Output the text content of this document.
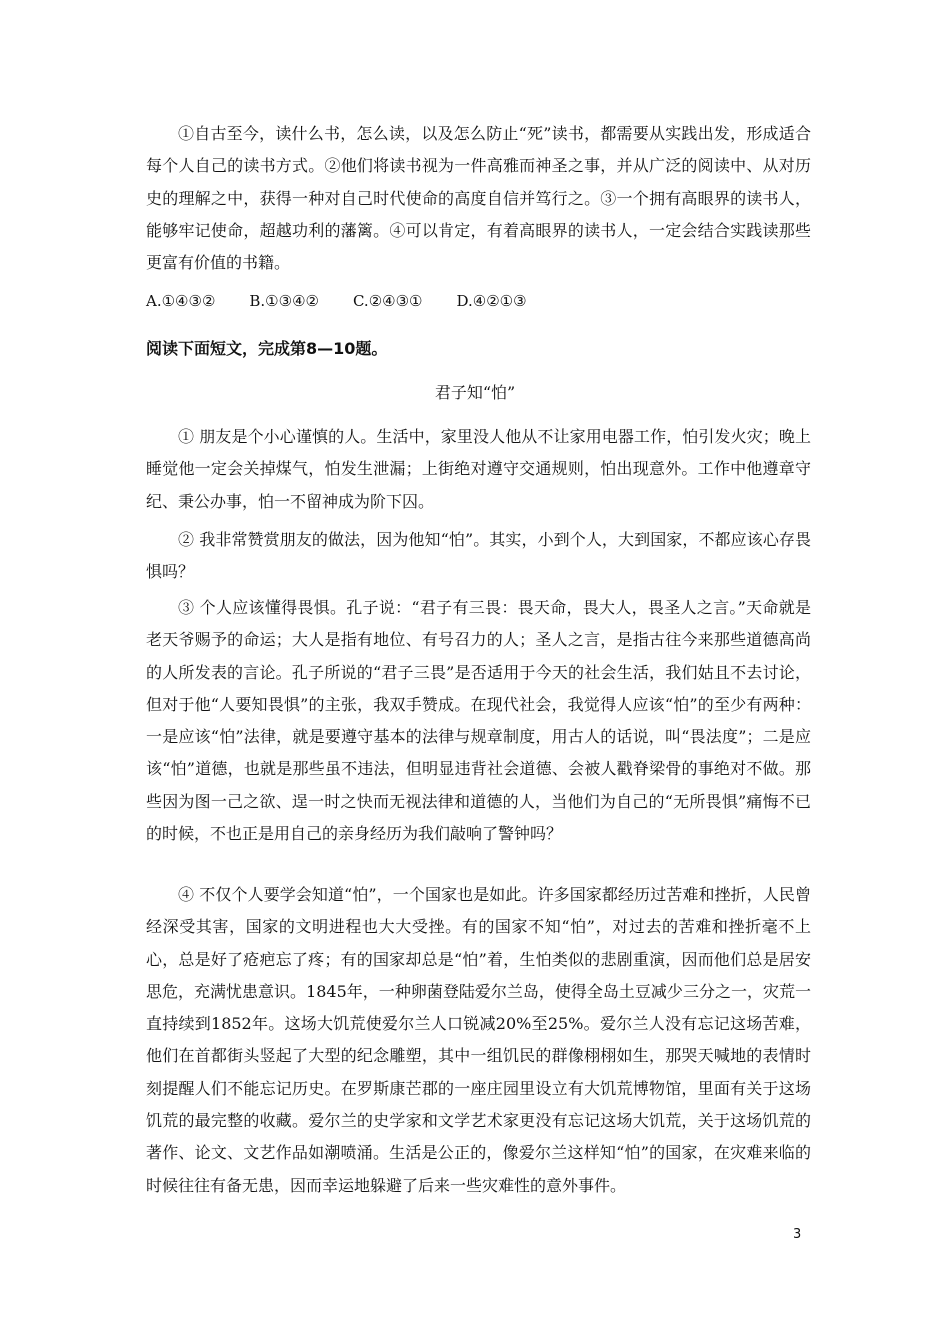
①自古至今，读什么书，怎么读，以及怎么防止“死”读书，都需要从实践出发，形成适合每个人自己的读书方式。②他们将读书视为一件高雅而神圣之事，并从广泛的阅读中、从对历史的理解之中，获得一种对自己时代使命的高度自信并笃行之。③一个拥有高眼界的读书人，能够牢记使命，超越功利的藩篱。④可以肯定，有着高眼界的读书人，一定会结合实践读那些更富有价值的书籍。

A.①④③② B.①③④② C.②④③① D.④②①③
阅读下面短文，完成第8—10题。
君子知“怕”

① 朋友是个小心谨慎的人。生活中，家里没人他从不让家用电器工作，怕引发火灾；晚上睡觉他一定会关掉煤气，怕发生泄漏；上街绝对遵守交通规则，怕出现意外。工作中他遵章守纪、秉公办事，怕一不留神成为阶下囚。

② 我非常赞赏朋友的做法，因为他知“怕”。其实，小到个人，大到国家，不都应该心存畏惧吗？

③ 个人应该懂得畏惧。孔子说：“君子有三畏：畏天命，畏大人，畏圣人之言。”天命就是老天爷赐予的命运；大人是指有地位、有号召力的人；圣人之言，是指古往今来那些道德高尚的人所发表的言论。孔子所说的“君子三畏”是否适用于今天的社会生活，我们姑且不去讨论，但对于他“人要知畏惧”的主张，我双手赞成。在现代社会，我觉得人应该“怕”的至少有两种：一是应该“怕”法律，就是要遵守基本的法律与规章制度，用古人的话说，叫“畏法度”；二是应该“怕”道德，也就是那些虽不违法，但明显违背社会道德、会被人戳脊梁骨的事绝对不做。那些因为图一己之欲、逞一时之快而无视法律和道德的人，当他们为自己的“无所畏惧”痛悔不已的时候，不也正是用自己的亲身经历为我们敲响了警钟吗？

④ 不仅个人要学会知道“怕”，一个国家也是如此。许多国家都经历过苦难和挫折，人民曾经深受其害，国家的文明进程也大大受挫。有的国家不知“怕”，对过去的苦难和挫折毫不上心，总是好了疮疤忘了疼；有的国家却总是“怕”着，生怕类似的悲剧重演，因而他们总是居安思危，充满忧患意识。1845年，一种卵菌登陆爱尔兰岛，使得全岛土豆减少三分之一，灾荒一直持续到1852年。这场大饥荒使爱尔兰人口锐减20%至25%。爱尔兰人没有忘记这场苦难，他们在首都街头竖起了大型的纪念雕塑，其中一组饥民的群像栩栩如生，那哭天喊地的表情时刻提醒人们不能忘记历史。在罗斯康芒郡的一座庄园里设立有大饥荒博物馆，里面有关于这场饥荒的最完整的收藏。爱尔兰的史学家和文学艺术家更没有忘记这场大饥荒，关于这场饥荒的著作、论文、文艺作品如潮喷涌。生活是公正的，像爱尔兰这样知“怕”的国家，在灾难来临的时候往往有备无患，因而幸运地躲避了后来一些灾难性的意外事件。

3
